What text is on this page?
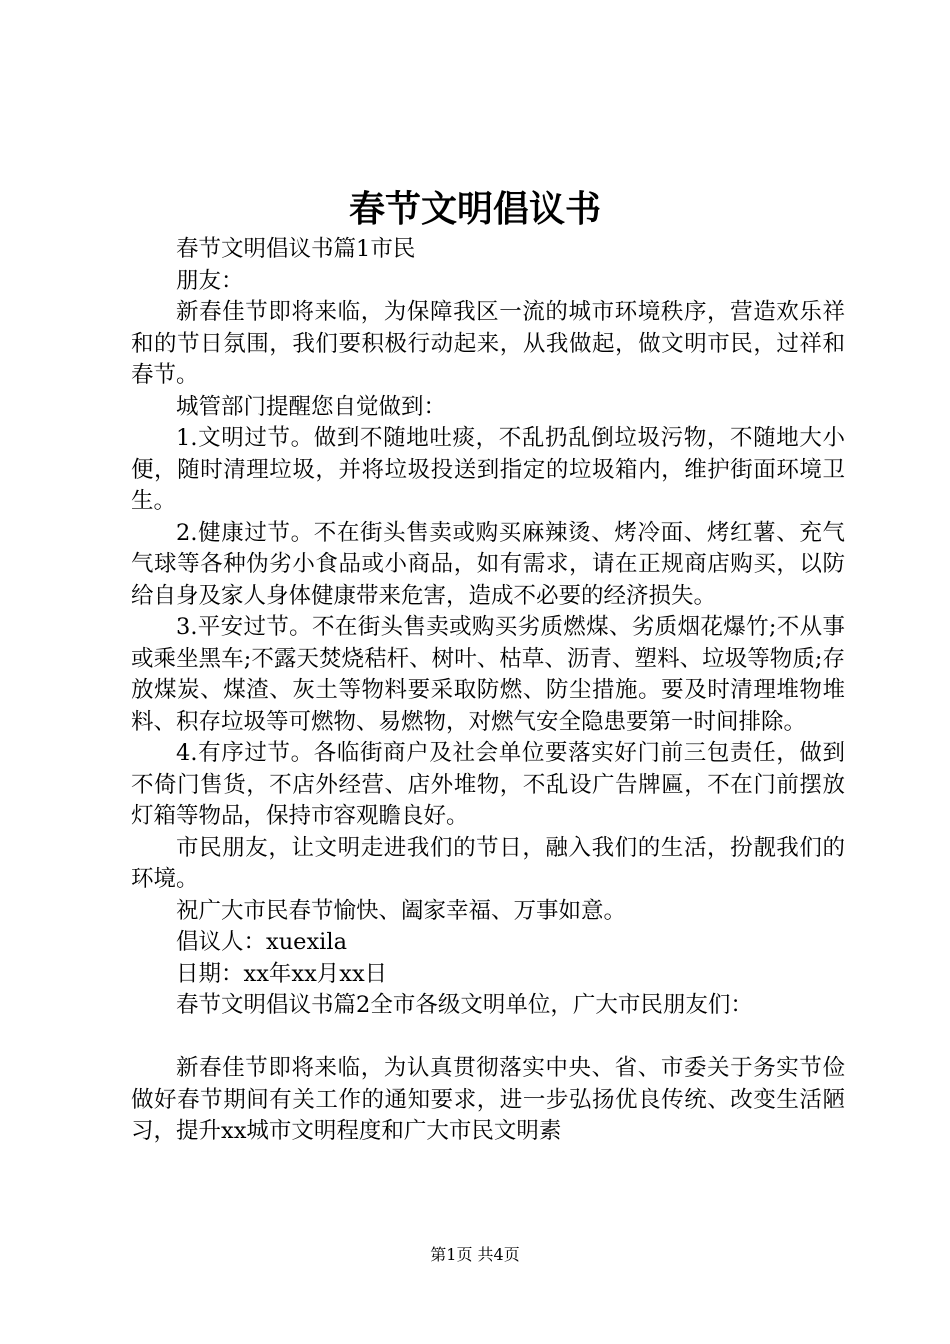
春节文明倡议书

春节文明倡议书篇1市民

朋友：

新春佳节即将来临，为保障我区一流的城市环境秩序，营造欢乐祥和的节日氛围，我们要积极行动起来，从我做起，做文明市民，过祥和春节。

城管部门提醒您自觉做到：

1.文明过节。做到不随地吐痰，不乱扔乱倒垃圾污物，不随地大小便，随时清理垃圾，并将垃圾投送到指定的垃圾箱内，维护街面环境卫生。

2.健康过节。不在街头售卖或购买麻辣烫、烤冷面、烤红薯、充气气球等各种伪劣小食品或小商品，如有需求，请在正规商店购买，以防给自身及家人身体健康带来危害，造成不必要的经济损失。

3.平安过节。不在街头售卖或购买劣质燃煤、劣质烟花爆竹;不从事或乘坐黑车;不露天焚烧秸杆、树叶、枯草、沥青、塑料、垃圾等物质;存放煤炭、煤渣、灰土等物料要采取防燃、防尘措施。要及时清理堆物堆料、积存垃圾等可燃物、易燃物，对燃气安全隐患要第一时间排除。

4.有序过节。各临街商户及社会单位要落实好门前三包责任，做到不倚门售货，不店外经营、店外堆物，不乱设广告牌匾，不在门前摆放灯箱等物品，保持市容观瞻良好。

市民朋友，让文明走进我们的节日，融入我们的生活，扮靓我们的环境。

祝广大市民春节愉快、阖家幸福、万事如意。

倡议人：xuexila

日期：xx年xx月xx日

春节文明倡议书篇2全市各级文明单位，广大市民朋友们：

新春佳节即将来临，为认真贯彻落实中央、省、市委关于务实节俭做好春节期间有关工作的通知要求，进一步弘扬优良传统、改变生活陋习，提升xx城市文明程度和广大市民文明素

第1页 共4页
